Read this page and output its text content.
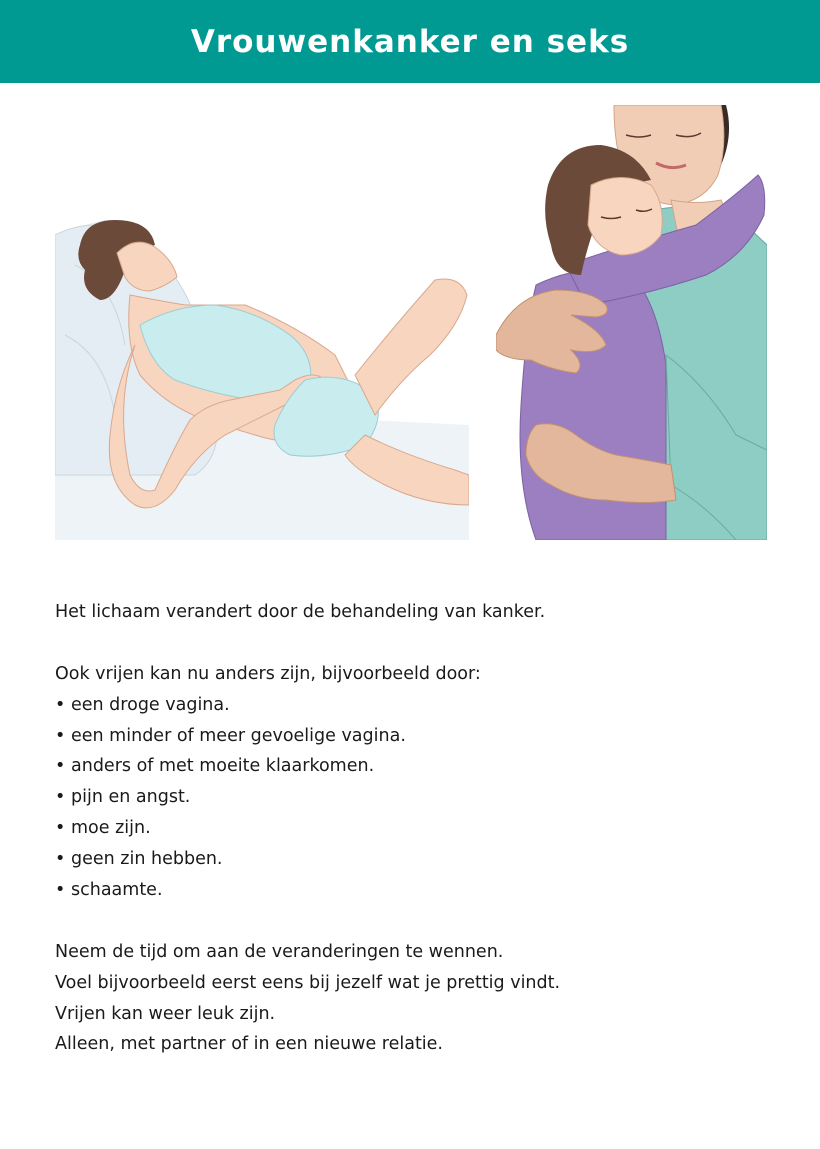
Vrouwenkanker en seks

Het lichaam verandert door de behandeling van kanker.

Ook vrijen kan nu anders zijn, bijvoorbeeld door:

• een droge vagina.
• een minder of meer gevoelige vagina.
• anders of met moeite klaarkomen.
• pijn en angst.
• moe zijn.
• geen zin hebben.
• schaamte.

Neem de tijd om aan de veranderingen te wennen.

Voel bijvoorbeeld eerst eens bij jezelf wat je prettig vindt.

Vrijen kan weer leuk zijn.

Alleen, met partner of in een nieuwe relatie.
